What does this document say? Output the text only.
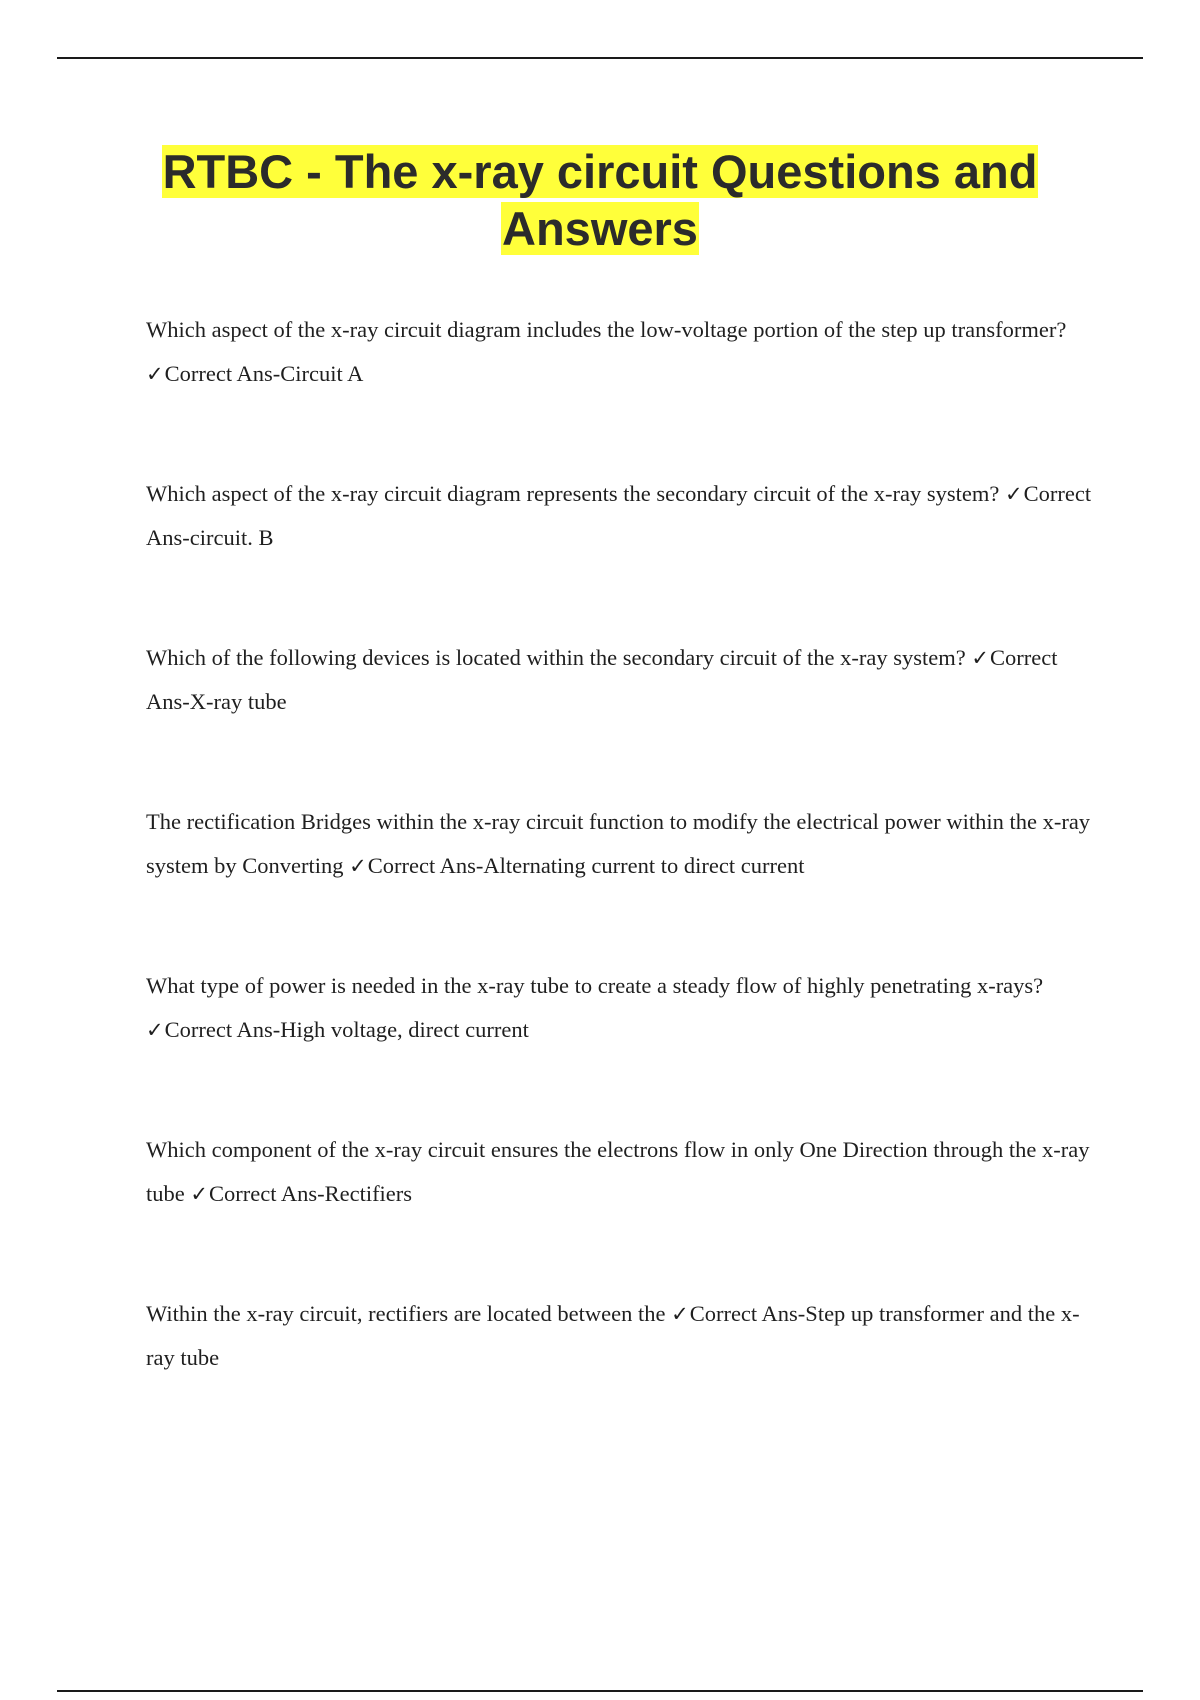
RTBC - The x-ray circuit Questions and
Answers

Which aspect of the x-ray circuit diagram includes the low-voltage portion of the step up transformer? ✓Correct Ans-Circuit A

Which aspect of the x-ray circuit diagram represents the secondary circuit of the x-ray system? ✓Correct Ans-circuit. B

Which of the following devices is located within the secondary circuit of the x-ray system? ✓Correct Ans-X-ray tube

The rectification Bridges within the x-ray circuit function to modify the electrical power within the x-ray system by Converting ✓Correct Ans-Alternating current to direct current

What type of power is needed in the x-ray tube to create a steady flow of highly penetrating x-rays? ✓Correct Ans-High voltage, direct current

Which component of the x-ray circuit ensures the electrons flow in only One Direction through the x-ray tube ✓Correct Ans-Rectifiers

Within the x-ray circuit, rectifiers are located between the ✓Correct Ans-Step up transformer and the x-ray tube
